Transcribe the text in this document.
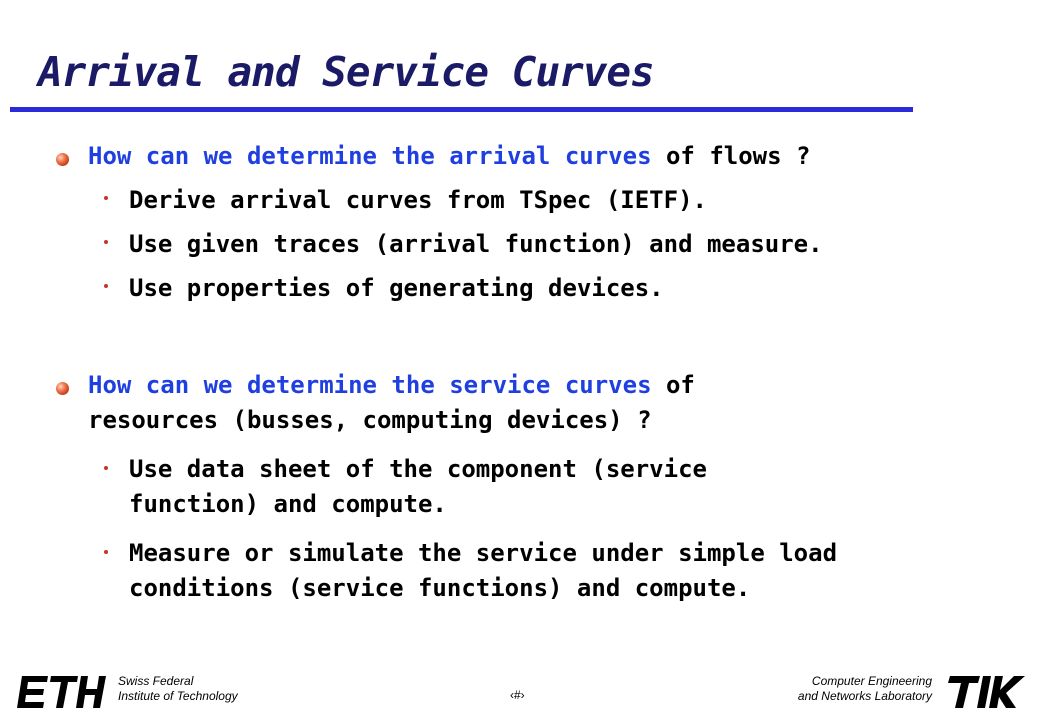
Arrival and Service Curves
How can we determine the arrival curves of flows ?
Derive arrival curves from TSpec (IETF).
Use given traces (arrival function) and measure.
Use properties of generating devices.
How can we determine the service curves of
resources (busses, computing devices) ?
Use data sheet of the component (service
function) and compute.
Measure or simulate the service under simple load
conditions (service functions) and compute.
Swiss Federal
Institute of Technology	‹#›
Computer Engineering
and Networks Laboratory
